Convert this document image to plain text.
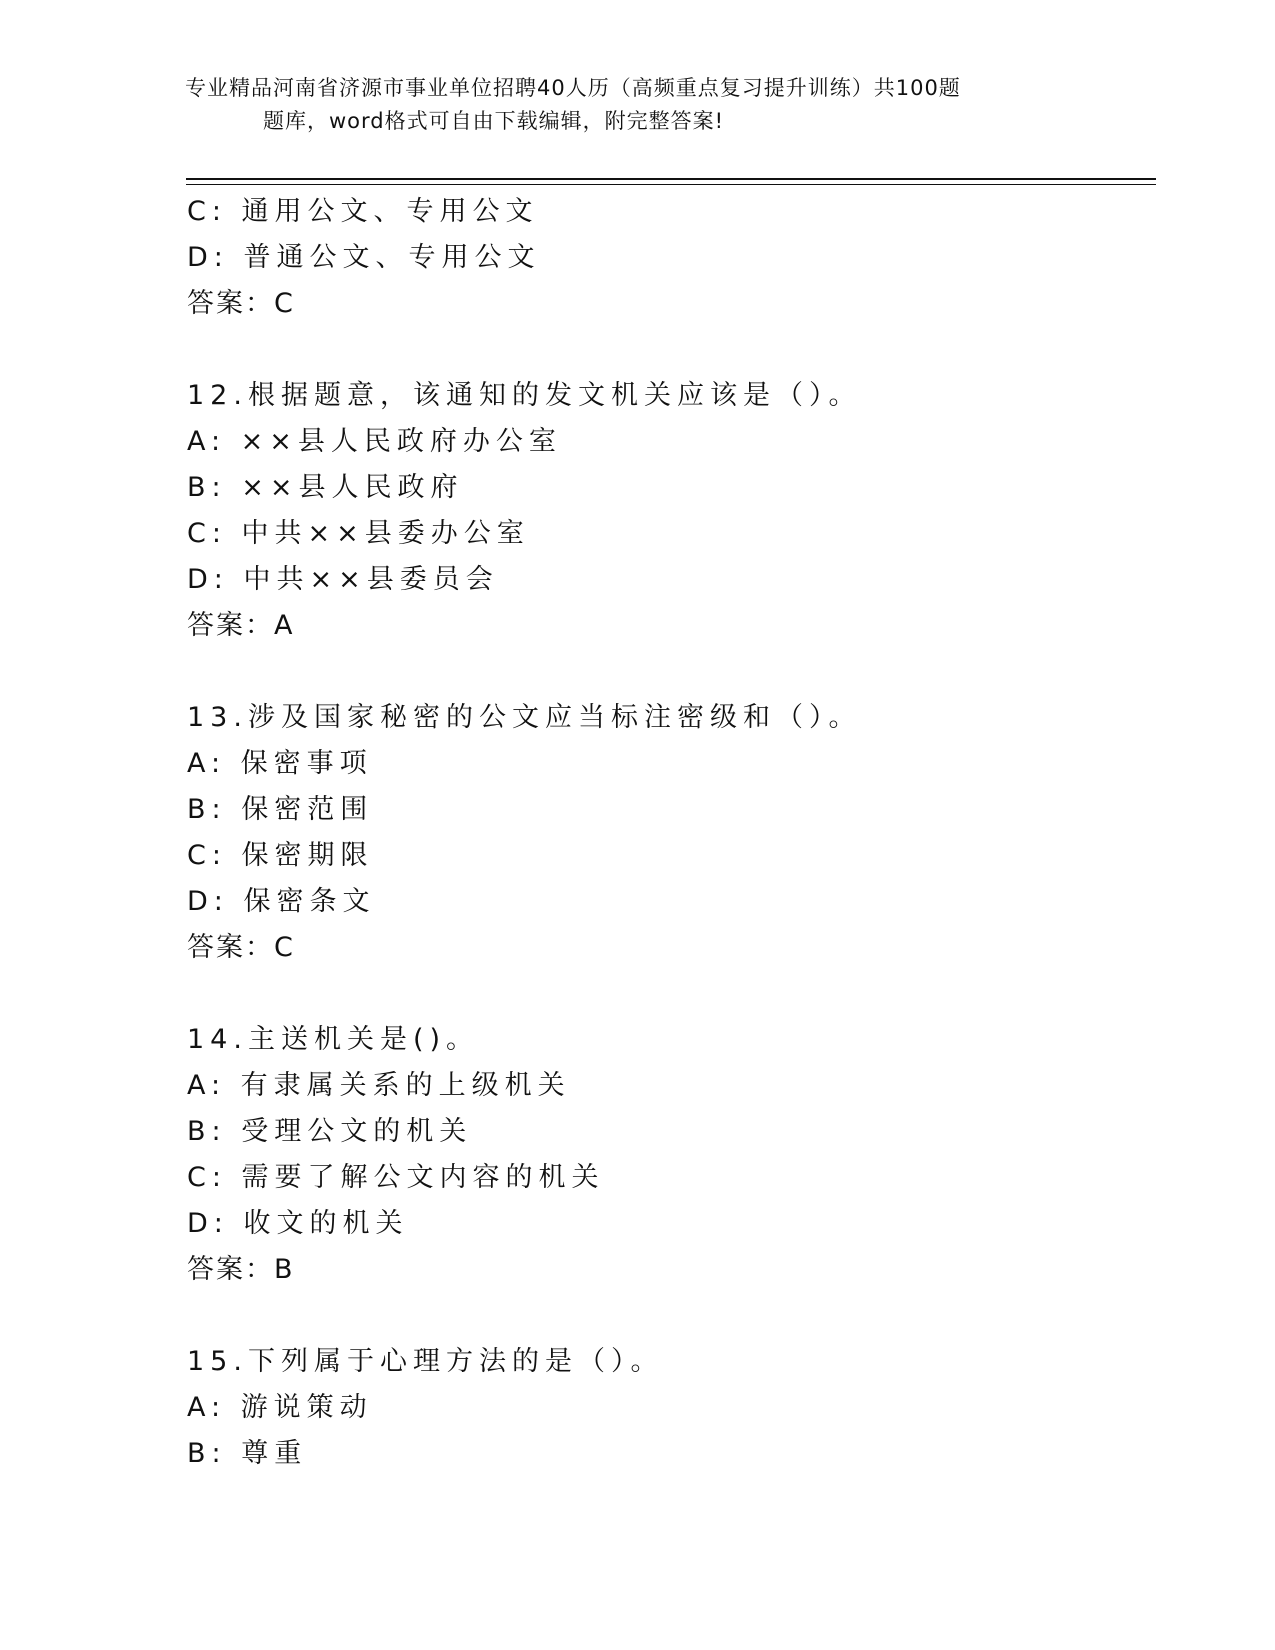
专业精品河南省济源市事业单位招聘40人历（高频重点复习提升训练）共100题
题库，word格式可自由下载编辑，附完整答案!
C: 通用公文、专用公文
D: 普通公文、专用公文
答案：C
12.根据题意，该通知的发文机关应该是（）。
A: ××县人民政府办公室
B: ××县人民政府
C: 中共××县委办公室
D: 中共××县委员会
答案：A
13.涉及国家秘密的公文应当标注密级和（）。
A: 保密事项
B: 保密范围
C: 保密期限
D: 保密条文
答案：C
14.主送机关是()。
A: 有隶属关系的上级机关
B: 受理公文的机关
C: 需要了解公文内容的机关
D: 收文的机关
答案：B
15.下列属于心理方法的是（）。
A: 游说策动
B: 尊重
